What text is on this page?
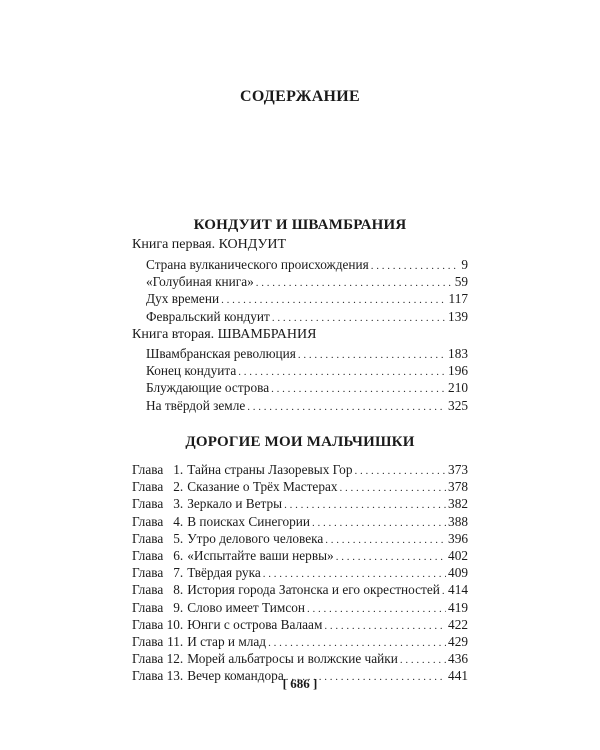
СОДЕРЖАНИЕ
КОНДУИТ И ШВАМБРАНИЯ
Книга первая. КОНДУИТ
Страна вулканического происхождения . . .	9
«Голубиная книга» . . .	59
Дух времени . . .	117
Февральский кондуит . . .	139
Книга вторая. ШВАМБРАНИЯ
Швамбранская революция . . .	183
Конец кондуита . . .	196
Блуждающие острова . . .	210
На твёрдой земле . . .	325
ДОРОГИЕ МОИ МАЛЬЧИШКИ
Глава 1. Тайна страны Лазоревых Гор . . .	373
Глава 2. Сказание о Трёх Мастерах . . .	378
Глава 3. Зеркало и Ветры . . .	382
Глава 4. В поисках Синегории . . .	388
Глава 5. Утро делового человека . . .	396
Глава 6. «Испытайте ваши нервы» . . .	402
Глава 7. Твёрдая рука . . .	409
Глава 8. История города Затонска и его окрестностей . . . 414
Глава 9. Слово имеет Тимсон . . .	419
Глава 10. Юнги с острова Валаам . . .	422
Глава 11. И стар и млад . . .	429
Глава 12. Морей альбатросы и волжские чайки . . .	436
Глава 13. Вечер командора . . .	441
[ 686 ]
